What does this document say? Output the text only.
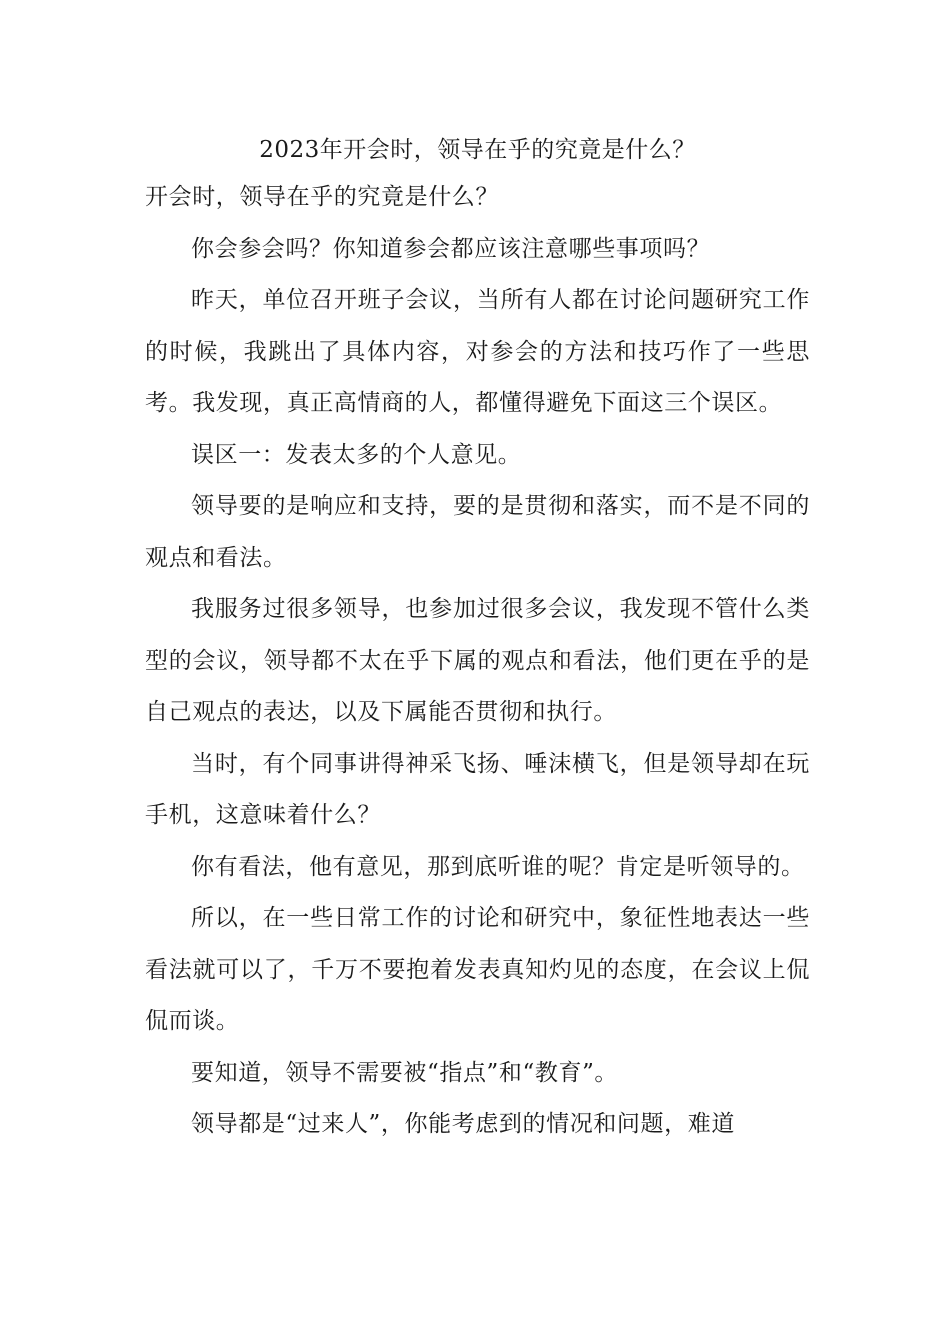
2023年开会时，领导在乎的究竟是什么？

开会时，领导在乎的究竟是什么？

你会参会吗？你知道参会都应该注意哪些事项吗？

昨天，单位召开班子会议，当所有人都在讨论问题研究工作的时候，我跳出了具体内容，对参会的方法和技巧作了一些思考。我发现，真正高情商的人，都懂得避免下面这三个误区。

误区一：发表太多的个人意见。

领导要的是响应和支持，要的是贯彻和落实，而不是不同的观点和看法。

我服务过很多领导，也参加过很多会议，我发现不管什么类型的会议，领导都不太在乎下属的观点和看法，他们更在乎的是自己观点的表达，以及下属能否贯彻和执行。

当时，有个同事讲得神采飞扬、唾沫横飞，但是领导却在玩手机，这意味着什么？

你有看法，他有意见，那到底听谁的呢？肯定是听领导的。

所以，在一些日常工作的讨论和研究中，象征性地表达一些看法就可以了，千万不要抱着发表真知灼见的态度，在会议上侃侃而谈。

要知道，领导不需要被“指点”和“教育”。

领导都是“过来人”，你能考虑到的情况和问题，难道
